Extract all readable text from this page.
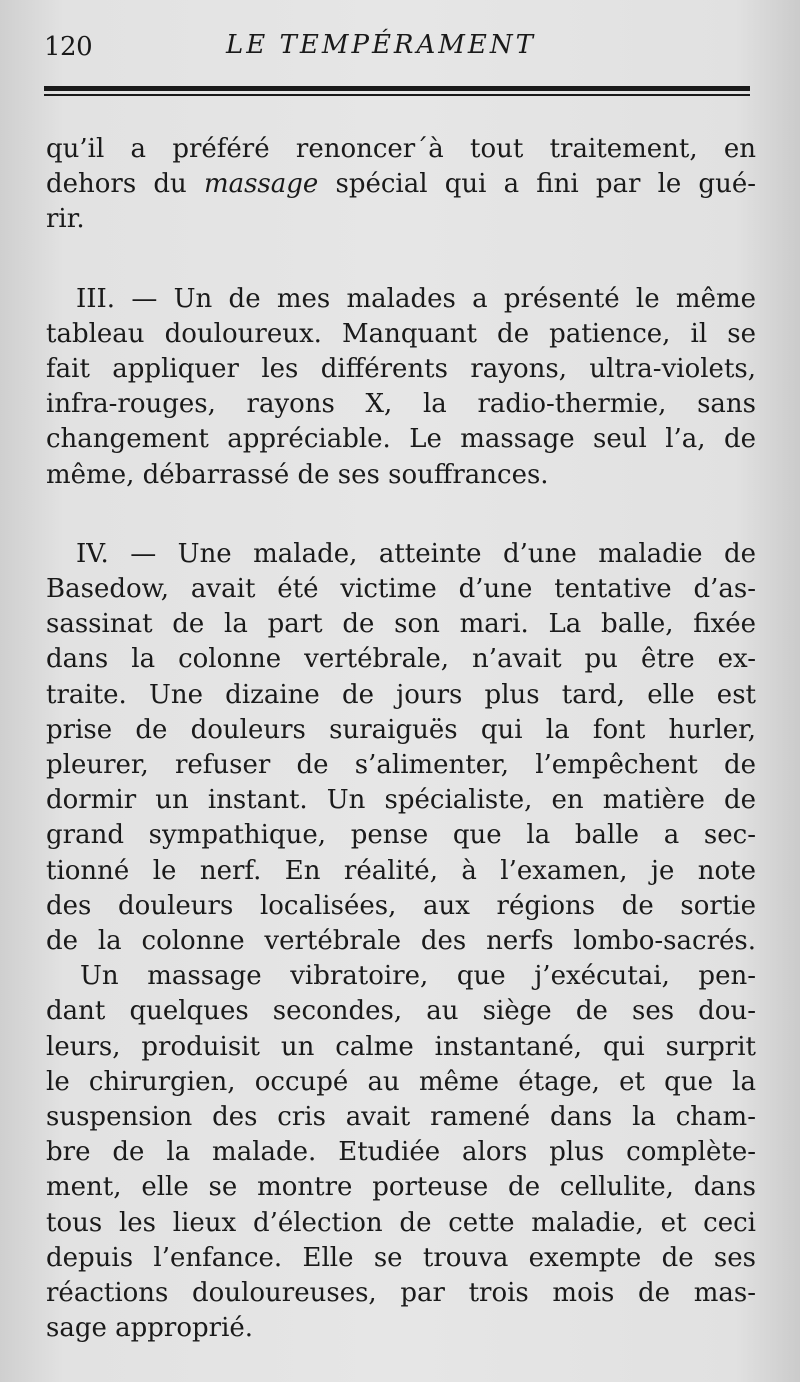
120	LE TEMPÉRAMENT
qu’il a préféré renoncer´à tout traitement, en
dehors du massage spécial qui a fini par le gué-
rir.
III. — Un de mes malades a présenté le même
tableau douloureux. Manquant de patience, il se
fait appliquer les différents rayons, ultra-violets,
infra-rouges, rayons X, la radio-thermie, sans
changement appréciable. Le massage seul l’a, de
même, débarrassé de ses souffrances.
IV. — Une malade, atteinte d’une maladie de
Basedow, avait été victime d’une tentative d’as-
sassinat de la part de son mari. La balle, fixée
dans la colonne vertébrale, n’avait pu être ex-
traite. Une dizaine de jours plus tard, elle est
prise de douleurs suraiguës qui la font hurler,
pleurer, refuser de s’alimenter, l’empêchent de
dormir un instant. Un spécialiste, en matière de
grand sympathique, pense que la balle a sec-
tionné le nerf. En réalité, à l’examen, je note
des douleurs localisées, aux régions de sortie
de la colonne vertébrale des nerfs lombo-sacrés.
Un massage vibratoire, que j’exécutai, pen-
dant quelques secondes, au siège de ses dou-
leurs, produisit un calme instantané, qui surprit
le chirurgien, occupé au même étage, et que la
suspension des cris avait ramené dans la cham-
bre de la malade. Etudiée alors plus complète-
ment, elle se montre porteuse de cellulite, dans
tous les lieux d’élection de cette maladie, et ceci
depuis l’enfance. Elle se trouva exempte de ses
réactions douloureuses, par trois mois de mas-
sage approprié.
